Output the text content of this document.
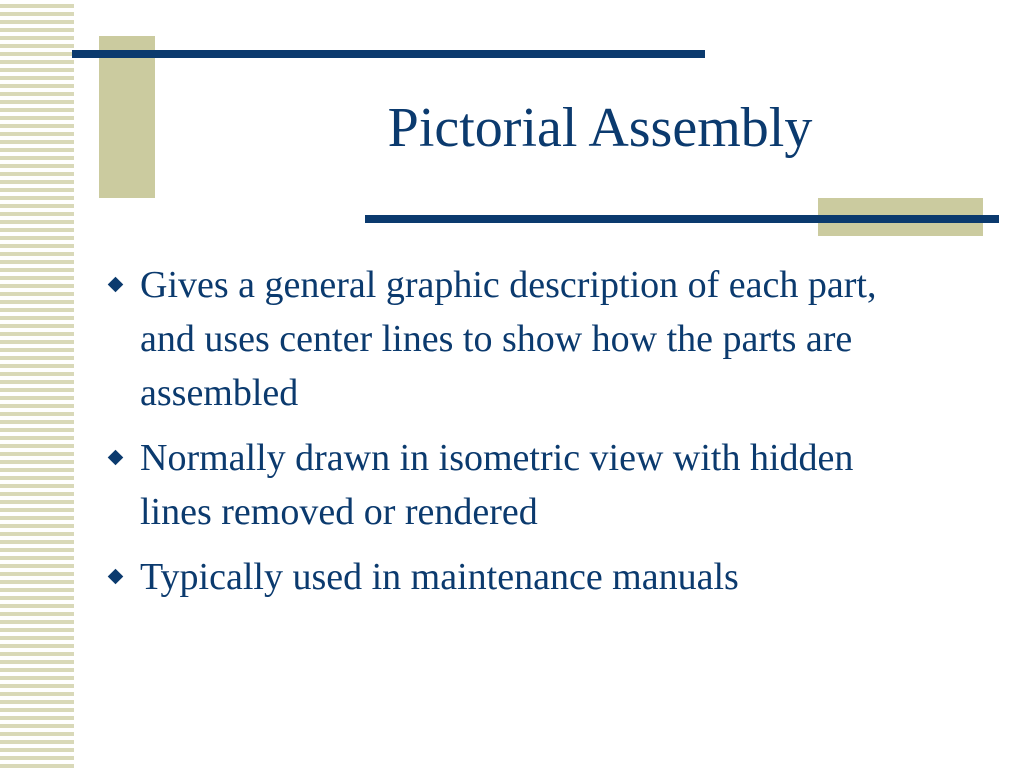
Pictorial Assembly
Gives a general graphic description of each part, and uses center lines to show how the parts are assembled
Normally drawn in isometric view with hidden lines removed or rendered
Typically used in maintenance manuals
